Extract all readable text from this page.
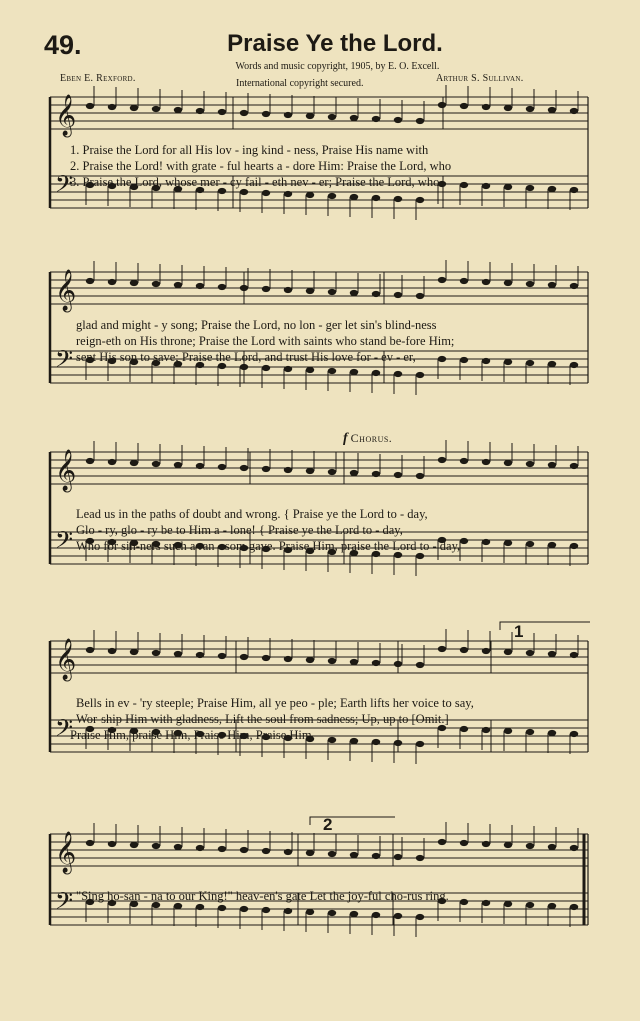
49.	Praise Ye the Lord.
Words and music copyright, 1905, by E. O. Excell.
Eben E. Rexford.	International copyright secured.	Arthur S. Sullivan.
𝄞
𝄢
𝄞
𝄢
𝄞
𝄢
𝄞
𝄢
𝄞
𝄢
1. Praise the Lord for all His lov - ing kind - ness, Praise His name with
2. Praise the Lord! with grate - ful hearts a - dore Him: Praise the Lord, who
3. Praise the Lord, whose mer - cy fail - eth nev - er; Praise the Lord, who
glad and might - y song; Praise the Lord, no lon - ger let sin's blind-ness
reign-eth on His throne; Praise the Lord with saints who stand be-fore Him;
sent His son to save; Praise the Lord, and trust His love for - ev - er,
f Chorus.
Lead us in the paths of doubt and wrong. { Praise ye the Lord to - day,
Glo - ry, glo - ry be to Him a - lone! { Praise ye the Lord to - day,
Who for sin-ners such a ran - som gave. Praise Him, praise the Lord to - day,
Bells in ev - 'ry steeple; Praise Him, all ye peo - ple; Earth lifts her voice to say,
Wor-ship Him with gladness, Lift the soul from sadness; Up, up to [Omit.]
Praise Him, praise Him, Praise Him, Praise Him,
1
2
"Sing ho-san - na to our King!" heav-en's gate Let the joy-ful cho-rus ring.
